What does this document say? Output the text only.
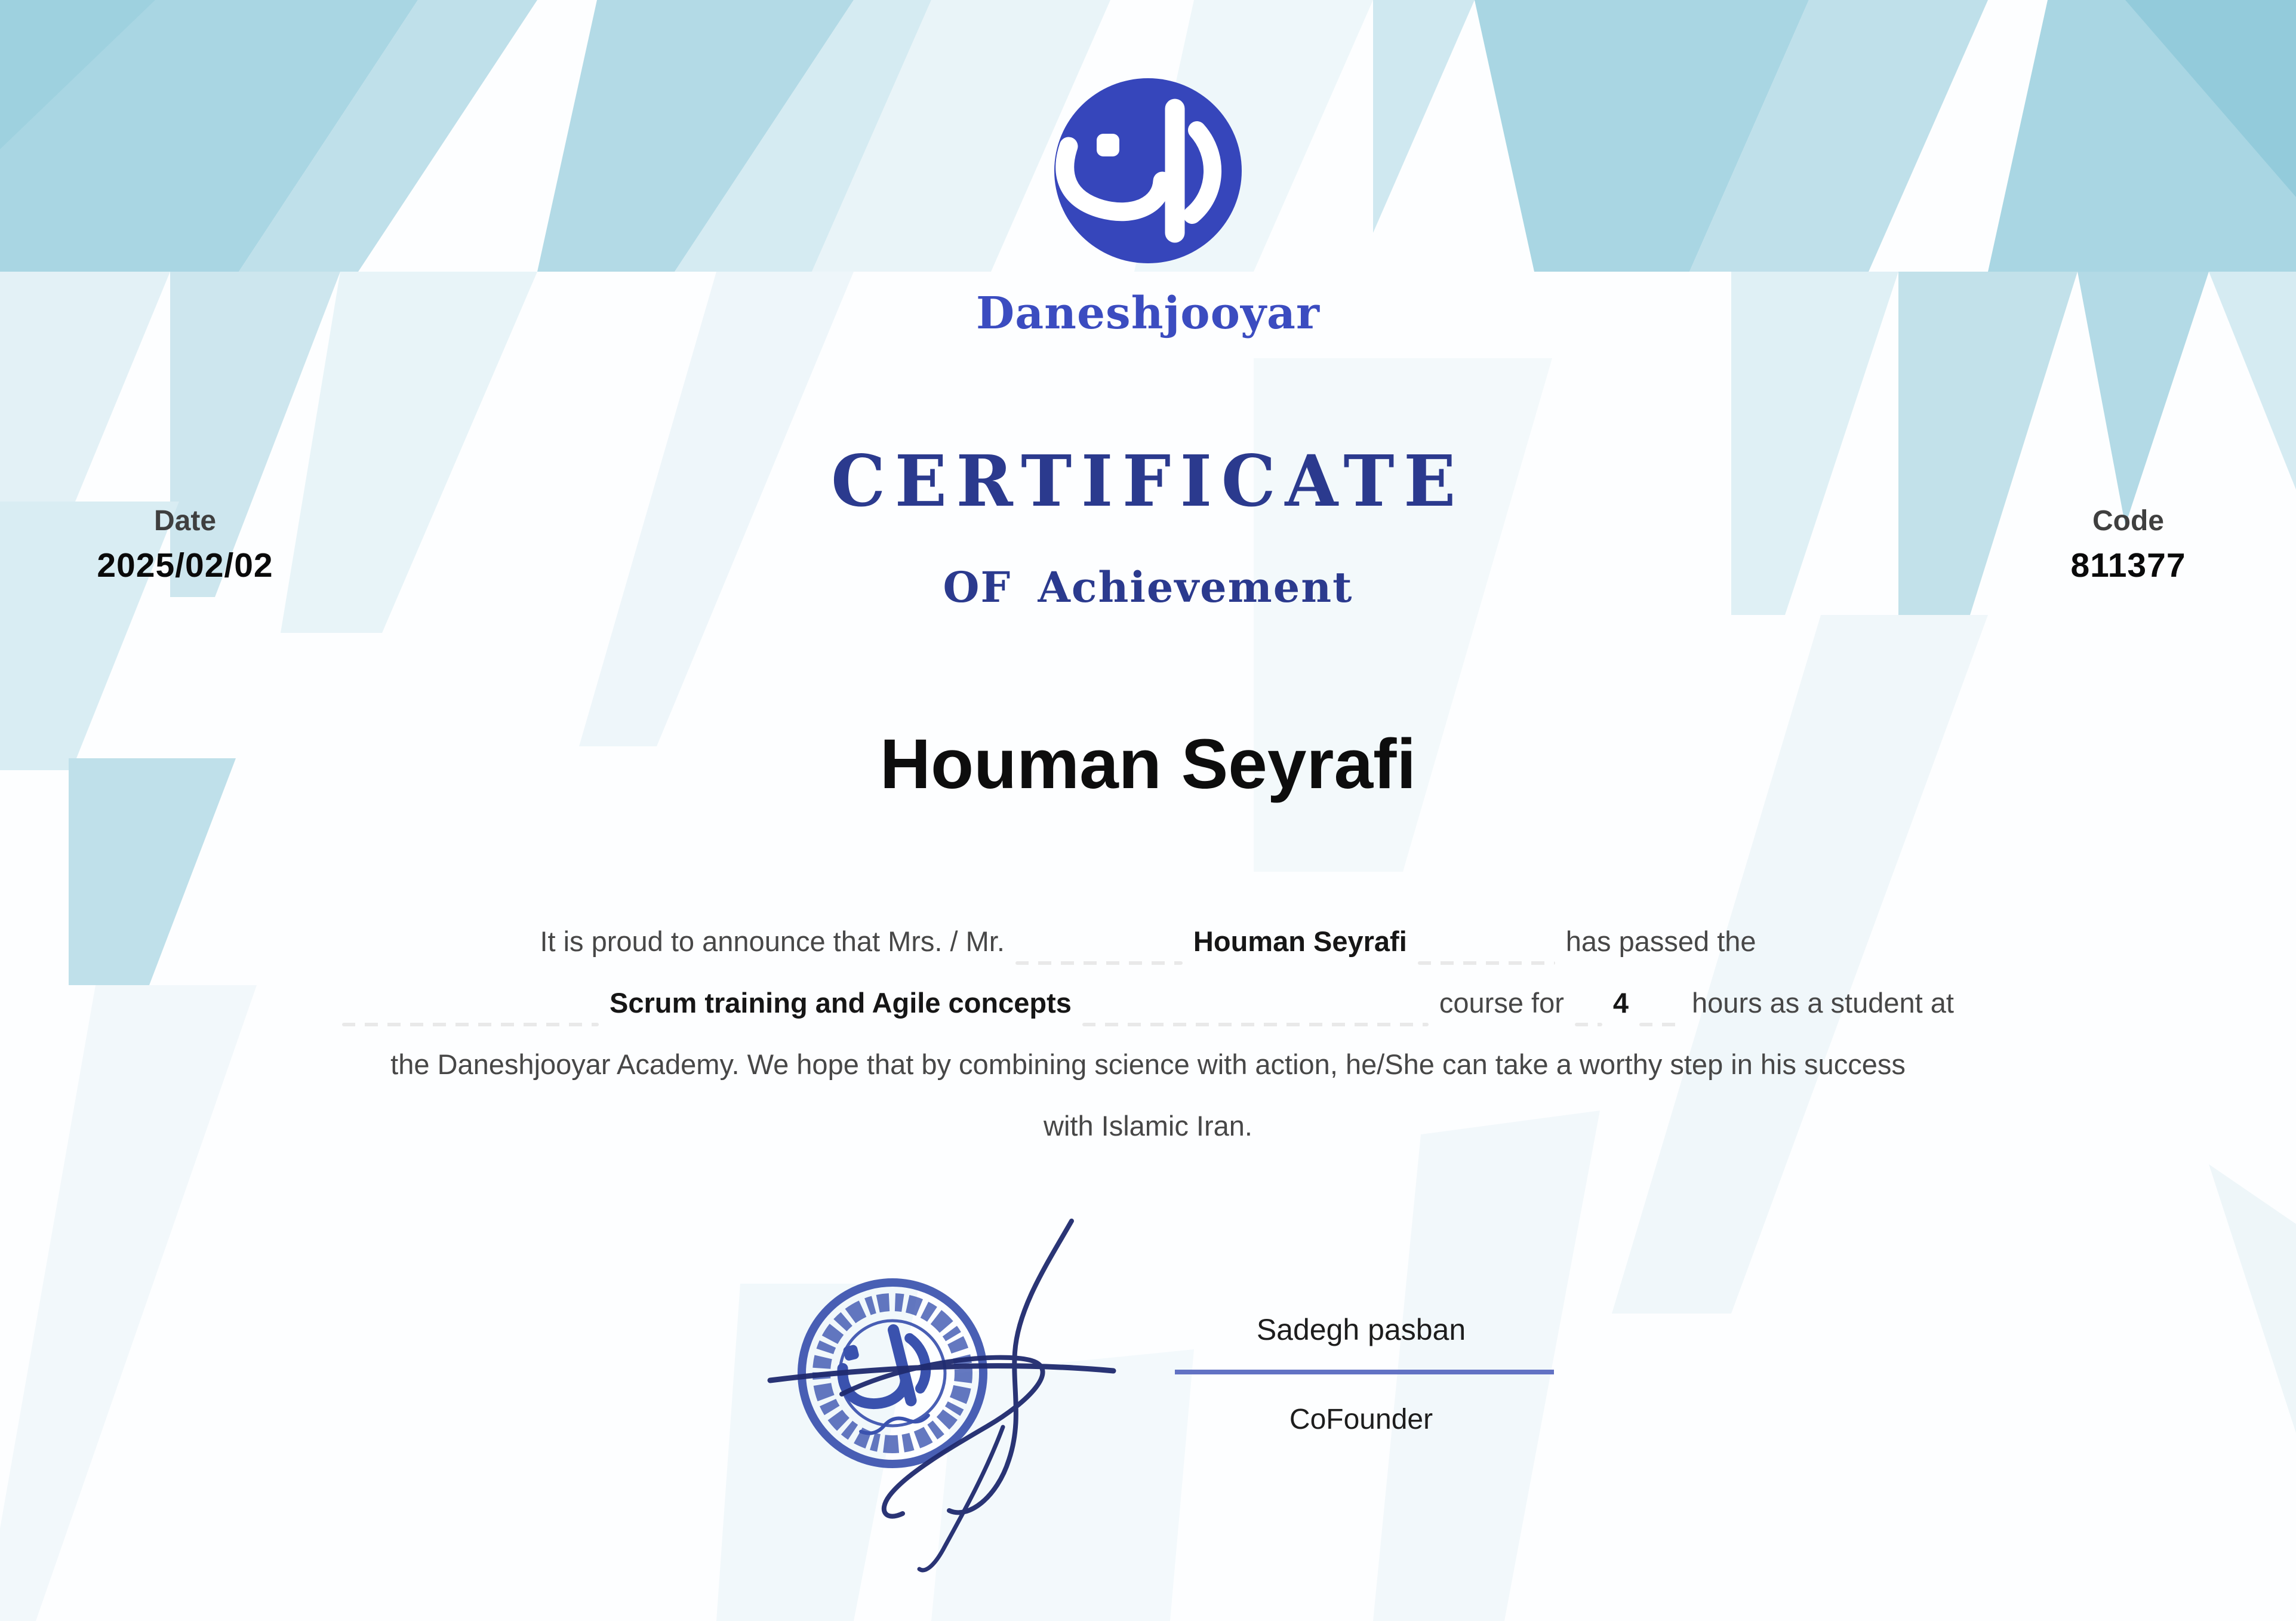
Daneshjooyar
CERTIFICATE
OF Achievement
Date
2025/02/02
Code
811377
Houman Seyrafi
It is proud to announce that Mrs. / Mr.	Houman Seyrafi	has passed the
Scrum training and Agile concepts	course for 4 hours as a student at
the Daneshjooyar Academy. We hope that by combining science with action, he/She can take a worthy step in his success
with Islamic Iran.
Sadegh pasban
CoFounder
